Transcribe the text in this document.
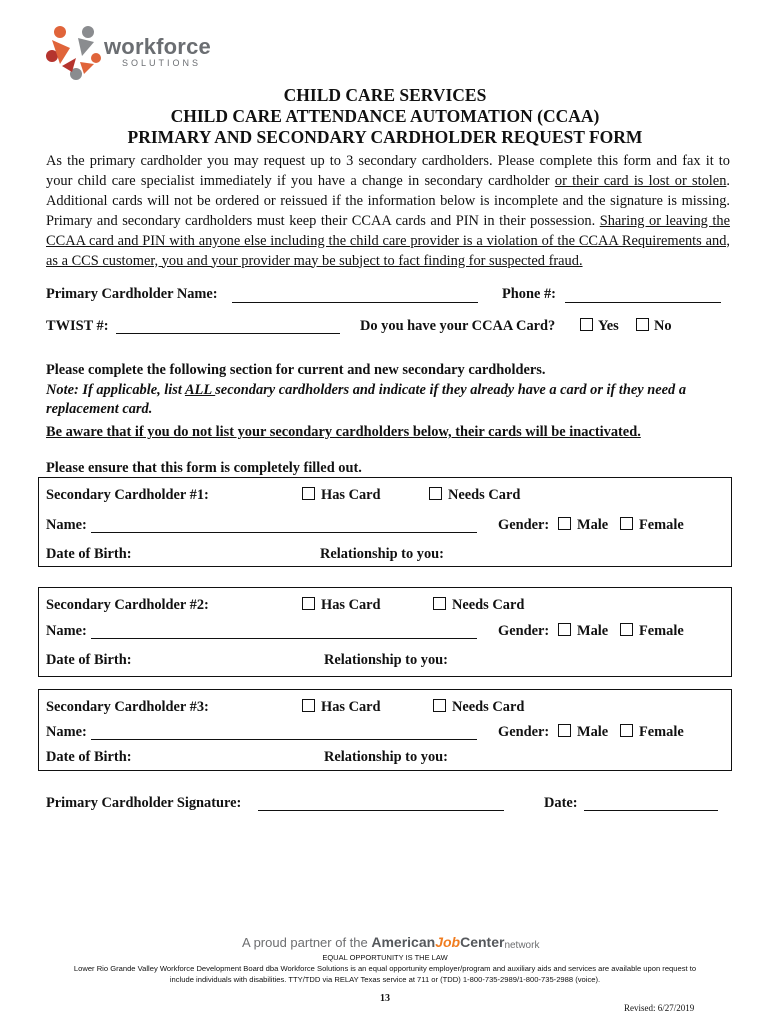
workforce
SOLUTIONS
CHILD CARE SERVICES
CHILD CARE ATTENDANCE AUTOMATION (CCAA)
PRIMARY AND SECONDARY CARDHOLDER REQUEST FORM
As the primary cardholder you may request up to 3 secondary cardholders. Please complete this form and fax it to your child care specialist immediately if you have a change in secondary cardholder or their card is lost or stolen. Additional cards will not be ordered or reissued if the information below is incomplete and the signature is missing. Primary and secondary cardholders must keep their CCAA cards and PIN in their possession. Sharing or leaving the CCAA card and PIN with anyone else including the child care provider is a violation of the CCAA Requirements and, as a CCS customer, you and your provider may be subject to fact finding for suspected fraud.
Primary Cardholder Name:	Phone #:
TWIST #:	Do you have your CCAA Card?	Yes No
Please complete the following section for current and new secondary cardholders.
Note: If applicable, list ALL secondary cardholders and indicate if they already have a card or if they need a replacement card.
Be aware that if you do not list your secondary cardholders below, their cards will be inactivated.
Please ensure that this form is completely filled out.
Secondary Cardholder #1:	Has Card	Needs Card
Name:	Gender: Male Female
Date of Birth:	Relationship to you:
Secondary Cardholder #2:	Has Card	Needs Card
Name:	Gender: Male Female
Date of Birth:	Relationship to you:
Secondary Cardholder #3:	Has Card	Needs Card
Name:	Gender: Male Female
Date of Birth:	Relationship to you:
Primary Cardholder Signature:	Date:
A proud partner of the AmericanJobCenternetwork
EQUAL OPPORTUNITY IS THE LAW
Lower Rio Grande Valley Workforce Development Board dba Workforce Solutions is an equal opportunity employer/program and auxiliary aids and services are available upon request to
include individuals with disabilities. TTY/TDD via RELAY Texas service at 711 or (TDD) 1-800-735-2989/1-800-735-2988 (voice).
13
Revised: 6/27/2019
